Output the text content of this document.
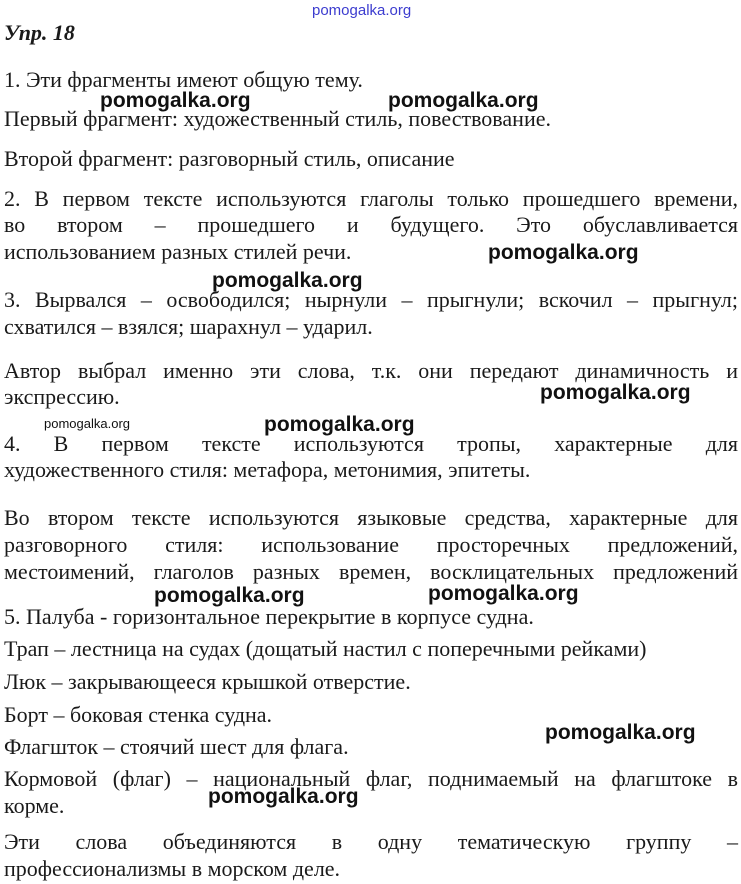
pomogalka.org
Упр. 18
1. Эти фрагменты имеют общую тему.
Первый фрагмент: художественный стиль, повествование.
Второй фрагмент: разговорный стиль, описание
2. В первом тексте используются глаголы только прошедшего времени,
во втором – прошедшего и будущего. Это обуславливается
использованием разных стилей речи.
3. Вырвался – освободился; нырнули – прыгнули; вскочил – прыгнул;
схватился – взялся; шарахнул – ударил.
Автор выбрал именно эти слова, т.к. они передают динамичность и
экспрессию.
4. В первом тексте используются тропы, характерные для
художественного стиля: метафора, метонимия, эпитеты.
Во втором тексте используются языковые средства, характерные для
разговорного стиля: использование просторечных предложений,
местоимений, глаголов разных времен, восклицательных предложений
5. Палуба - горизонтальное перекрытие в корпусе судна.
Трап – лестница на судах (дощатый настил с поперечными рейками)
Люк – закрывающееся крышкой отверстие.
Борт – боковая стенка судна.
Флагшток – стоячий шест для флага.
Кормовой (флаг) – национальный флаг, поднимаемый на флагштоке в
корме.
Эти слова объединяются в одну тематическую группу –
профессионализмы в морском деле.
pomogalka.org	pomogalka.org
pomogalka.org
pomogalka.org
pomogalka.org
pomogalka.org	pomogalka.org
pomogalka.org	pomogalka.org
pomogalka.org
pomogalka.org
